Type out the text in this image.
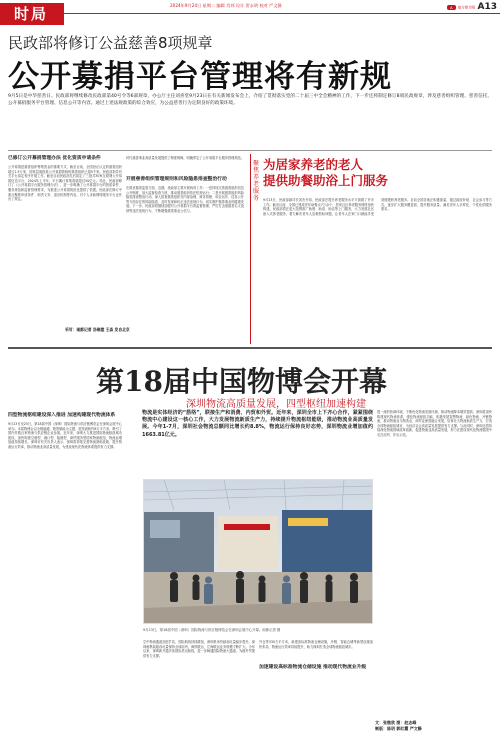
时局	2024年9月24日 星期二 编辑 肖邦 设计 贺永明 校对 严文静	A 南方都市报 A13
民政部将修订公益慈善8项规章
公开募捐平台管理将有新规
9月5日是中华慈善日。民政部将继续修改民政部第40号令等6部规章，办公厅主任刘喜堂9月23日在有关新闻发布会上，介绍了贯彻落实党的二十届三中全会精神的工作，下一步还将制定修订8项民政规章，涉及慈善组织管理、慈善信托、公开募捐服务平台管理、信息公开等内容。通过上述法规政策的综合效应，为公益慈善行为定制良好的政策环境。
已修订公开募捐管理办法 优化资质申请条件
公开募捐是慈善组织筹集资金的重要方式，截至目前，全国登记认定的慈善组织超过1.5万家，国家层面批准公开募捐资格的慈善组织已超5千家。民政部指导有关平台拟定有序开展工作，截至目前民政部先后指定了三批共30家互联网公开募捐信息平台，2024年上半年，平台累计募集善款超过50亿元。对此，民政部修订了《公开募捐平台服务管理办法》，进一步明确了公开募捐平台的资质条件、服务规范和监督管理要求，为推进公开募捐规范化提供了依据。民政部在修订中重点聚焦申请条件、职责义务、退出机制等内容，对个人求助网络服务平台也作出了规定。
时代慈善事业高质量发展提供了制度保障，明确界定了公开募捐平台服务管理规范。
开展慈善组织管理规则和风险隐患排查整治行动
在做优慈善监管方面，近期，民政部主要开展两项工作：一是持续完善慈善组织信息公开制度，加大监督检查力度，推动慈善组织依法依规运行；二是开展慈善组织风险隐患排查整治行动，深入排查慈善组织在内部治理、财务管理、项目运作、信息公开等方面存在的风险隐患，及时发现和纠正违法违规行为，切实维护慈善事业的健康发展。下一步，民政部将继续加强对公开募捐平台的监督管理，严厉打击借慈善名义敛财等违法违规行为，不断增强慈善事业公信力。
采写：南都记者 汤维建 王森 发自北京
聚焦养老服务
为居家养老的老人
提供助餐助浴上门服务
9月23日，民政部副司长刘杰介绍，民政部在提升养老服务水平方面做了许多工作。截至目前，全国已建成老年助餐点7万余个，居家社区养老服务网络加快构建。民政部将在更大范围推广助餐、助浴、助洁等上门服务，大力发展社区嵌入式养老服务，着力解决老年人急难愁盼问题，让老年人在家门口就能享受到便捷的养老服务。目前全国各地正积极探索，通过政府补贴、社会参与等方式，逐步扩大服务覆盖面，提升服务质量，满足老年人多样化、个性化的服务需求。
第18届中国物博会开幕
深圳物流高质量发展，四型枢纽加速构建
四型物流枢纽建设深入推进 加速构建现代物流体系
9月23日至25日，第18届中国（深圳）国际物流与供应链博览会在深圳会展中心举办。本届物博会以全链融通、数智赋能为主题，展览面积约6万平方米，吸引了国内外数百家物流与供应链企业参展。近年来，深圳大力推进国际物流枢纽城市建设，加快构建空港型、港口型、陆港型、商贸服务型国家物流枢纽，物流业增加值持续增长。深圳市有关负责人表示，深圳将持续完善物流基础设施，提升物流运行效率，推动物流业高质量发展，为建设现代化物流体系提供有力支撑。
物流是实体经济的“筋络”，联接生产和消费、内贸和外贸。近年来，深圳全市上下齐心合作，紧紧围绕物流中心建设这一核心工作，大力发展物流新质生产力，持续提升物流枢纽能级，推动物流业高质量发展。今年1-7月，深圳社会物流总额同比增长约8.8%，物流运行保持良好态势，深圳物流业增加值约1663.81亿元。
9月23日，第18届中国（深圳）国际物流与供应链博览会在深圳会展中心开幕。南都记者 摄
空中物流通道加密扩容，国际航线持续增加，深圳机场货邮吞吐量稳步提升。深圳港集装箱吞吐量保持全球前列，海铁联运、江海联运业务规模不断扩大。今年以来，深圳新开通多条国际货运航线，进一步畅通国际物流大通道，为稳外贸提供有力支撑。
外仓等330万平方米，新建高标准物流仓储设施，冷链、智能仓储等新型设施加快布局，物流运行效率持续提升，助力深圳打造全球物流枢纽城市。
加速建设高标准物流仓储设施 推动现代物流业升级
提一流的营商环境，不断优化物流发展环境，推动物流降本增效提质。深圳将加快构建现代物流体系，强化物流枢纽功能，积极发展智慧物流、绿色物流、冷链物流，推动物流业与制造业、商贸业深度融合发展，培育壮大物流新质生产力，打造全球物流枢纽城市，为经济社会高质量发展提供有力支撑。与此同时，深圳还将持续深化物流领域改革创新，促进物流业高质量发展，努力在建设现代化物流强国中走在前列、作出示范。
文：张楷欣 图：赵志峰
制版：陈玥 郭红霞 严文静
